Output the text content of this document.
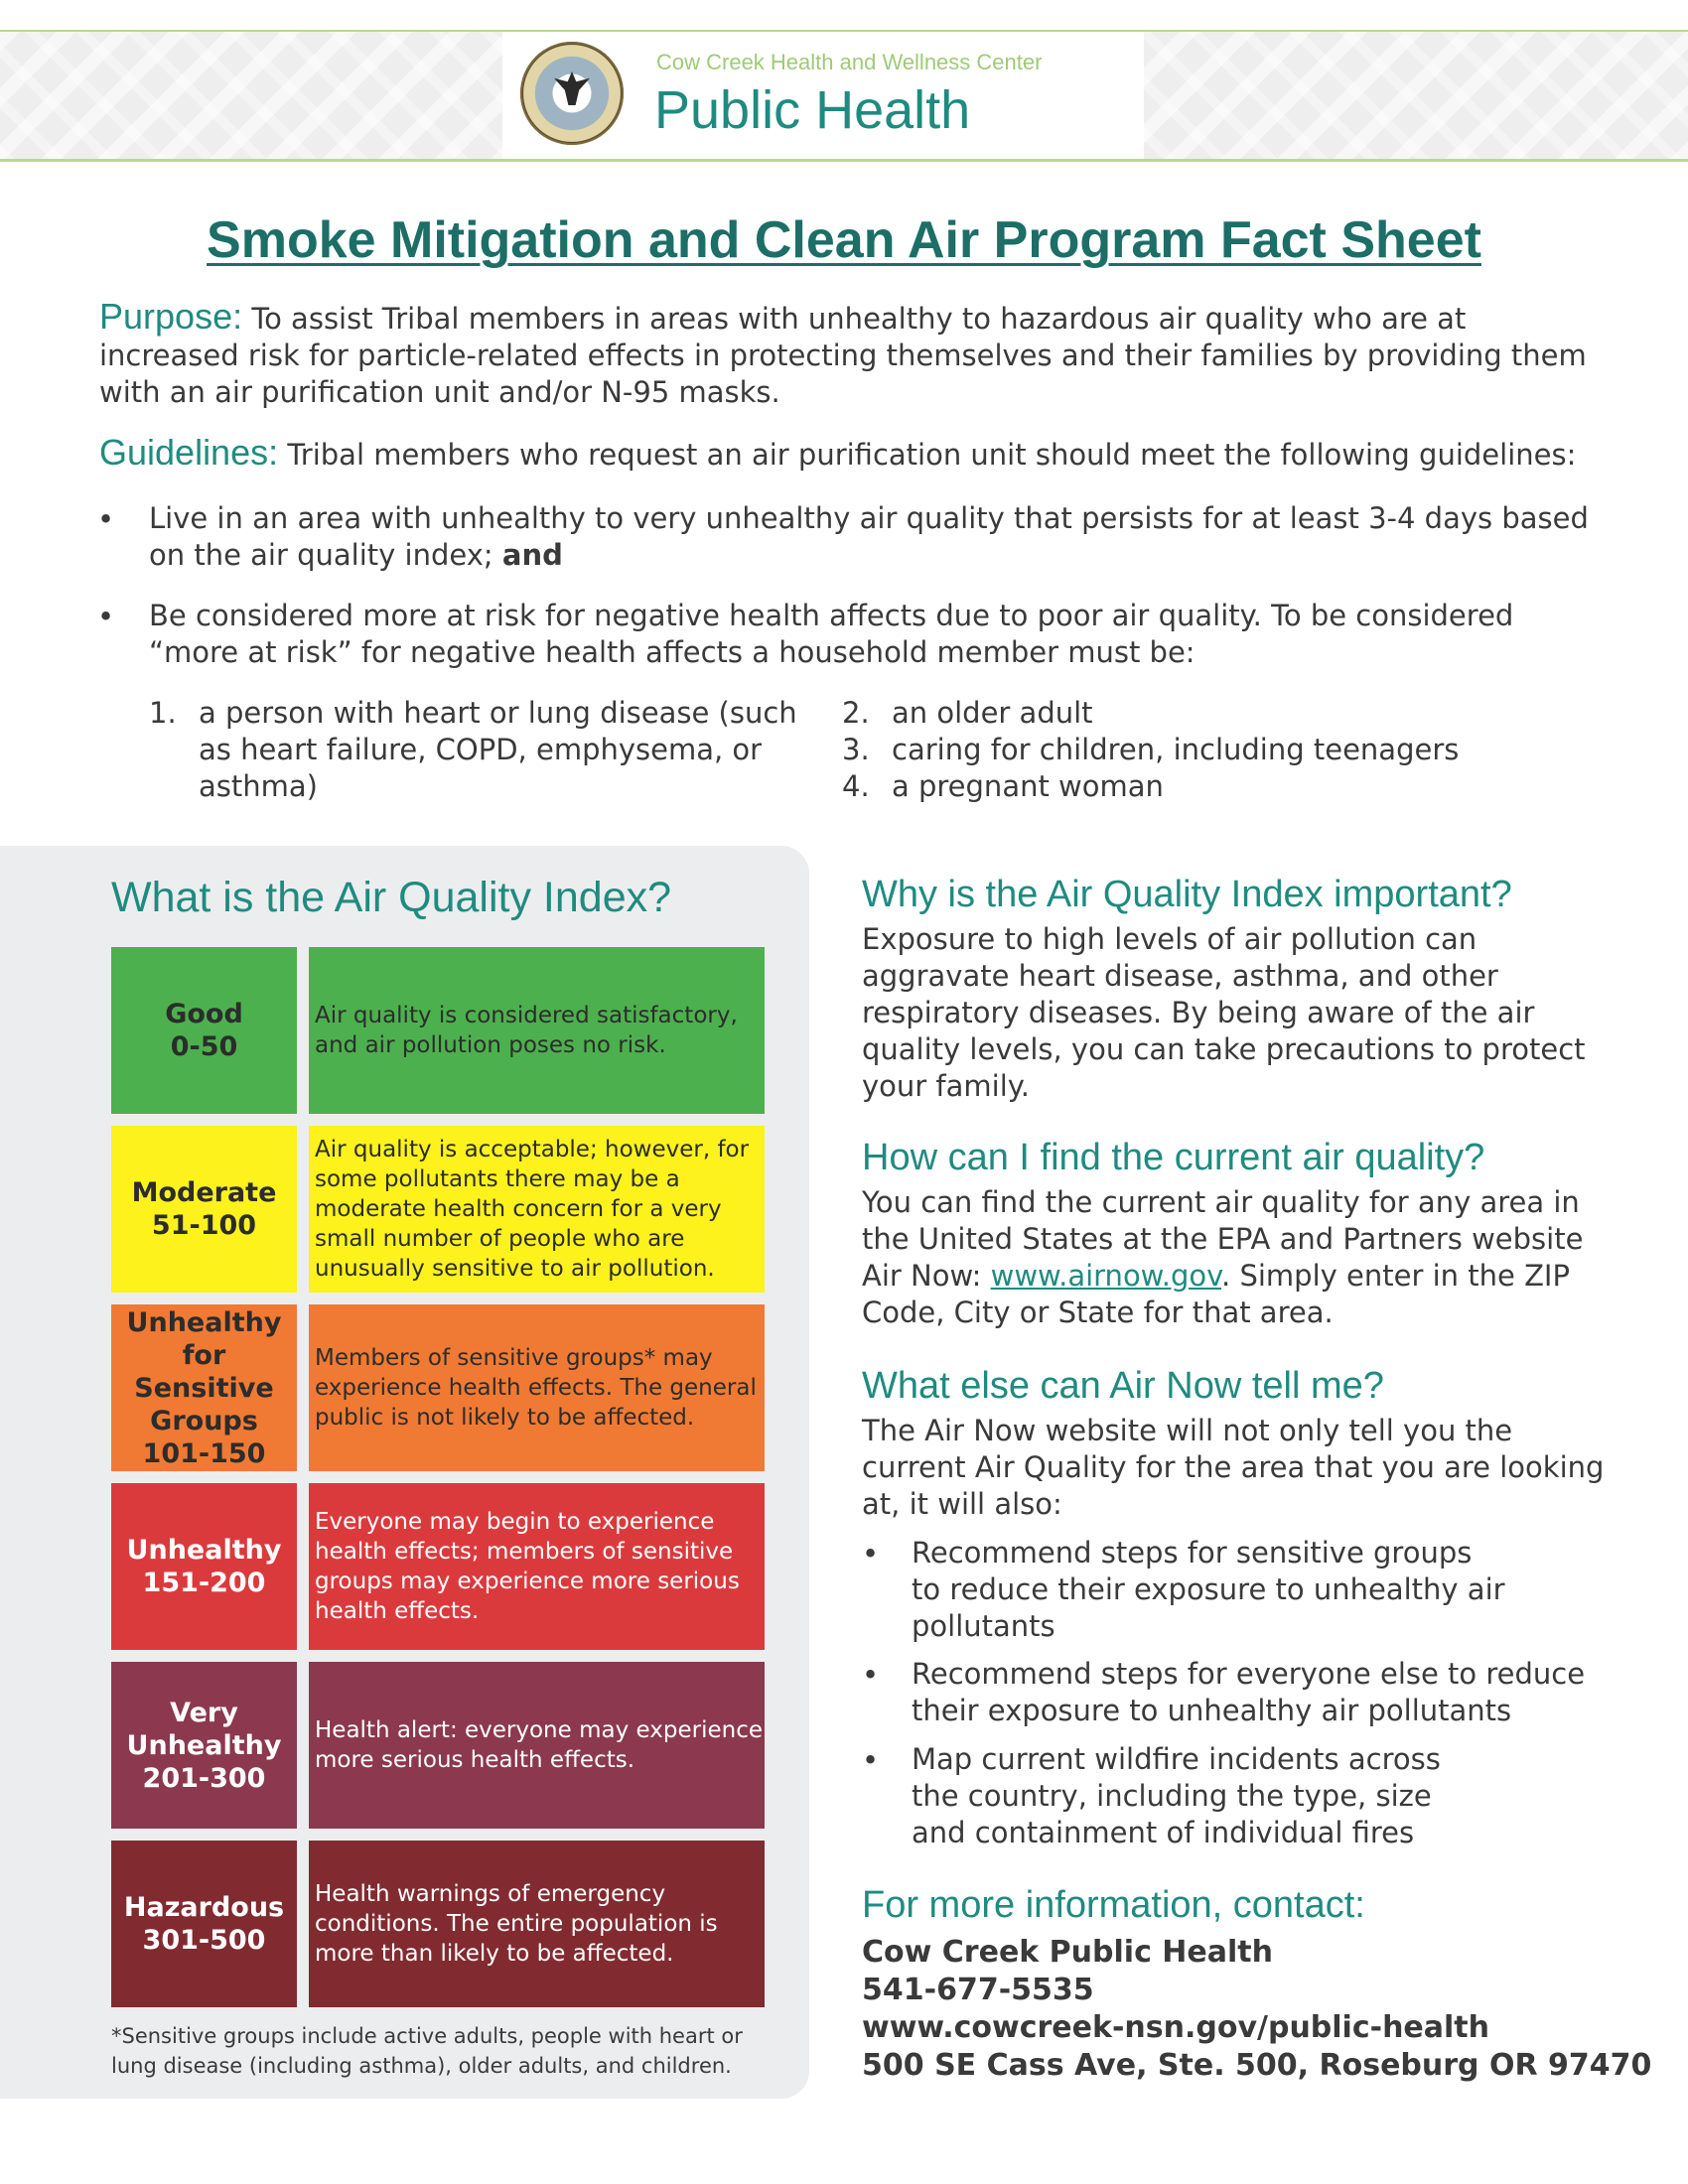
Cow Creek Health and Wellness Center
Public Health
Smoke Mitigation and Clean Air Program Fact Sheet
Purpose: To assist Tribal members in areas with unhealthy to hazardous air quality who are at increased risk for particle-related effects in protecting themselves and their families by providing them with an air purification unit and/or N-95 masks.
Guidelines: Tribal members who request an air purification unit should meet the following guidelines:
• Live in an area with unhealthy to very unhealthy air quality that persists for at least 3-4 days based on the air quality index; and
• Be considered more at risk for negative health affects due to poor air quality. To be considered “more at risk” for negative health affects a household member must be:
1. a person with heart or lung disease (such as heart failure, COPD, emphysema, or asthma)
2. an older adult
3. caring for children, including teenagers
4. a pregnant woman
What is the Air Quality Index?
Good
0-50
Air quality is considered satisfactory, and air pollution poses no risk.
Moderate
51-100
Air quality is acceptable; however, for some pollutants there may be a moderate health concern for a very small number of people who are unusually sensitive to air pollution.
Unhealthy for Sensitive Groups
101-150
Members of sensitive groups* may experience health effects. The general public is not likely to be affected.
Unhealthy
151-200
Everyone may begin to experience health effects; members of sensitive groups may experience more serious health effects.
Very Unhealthy
201-300
Health alert: everyone may experience more serious health effects.
Hazardous
301-500
Health warnings of emergency conditions. The entire population is more than likely to be affected.
*Sensitive groups include active adults, people with heart or lung disease (including asthma), older adults, and children.
Why is the Air Quality Index important?
Exposure to high levels of air pollution can aggravate heart disease, asthma, and other respiratory diseases. By being aware of the air quality levels, you can take precautions to protect your family.
How can I find the current air quality?
You can find the current air quality for any area in the United States at the EPA and Partners website Air Now: www.airnow.gov. Simply enter in the ZIP Code, City or State for that area.
What else can Air Now tell me?
The Air Now website will not only tell you the current Air Quality for the area that you are looking at, it will also:
• Recommend steps for sensitive groups to reduce their exposure to unhealthy air pollutants
• Recommend steps for everyone else to reduce their exposure to unhealthy air pollutants
• Map current wildfire incidents across the country, including the type, size and containment of individual fires
For more information, contact:
Cow Creek Public Health
541-677-5535
www.cowcreek-nsn.gov/public-health
500 SE Cass Ave, Ste. 500, Roseburg OR 97470
